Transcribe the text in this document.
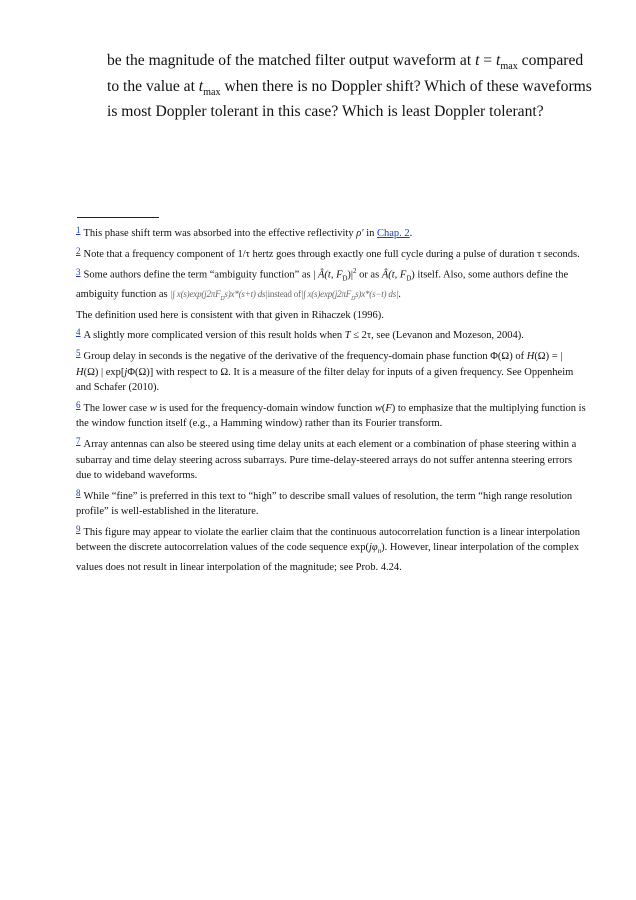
be the magnitude of the matched filter output waveform at $t = t_{max}$ compared to the value at $t_{max}$ when there is no Doppler shift? Which of these waveforms is most Doppler tolerant in this case? Which is least Doppler tolerant?
1 This phase shift term was absorbed into the effective reflectivity ρ′ in Chap. 2.
2 Note that a frequency component of 1/τ hertz goes through exactly one full cycle during a pulse of duration τ seconds.
3 Some authors define the term “ambiguity function” as | Â(t, $F_D)|^2$ or as Â(t, $F_D$) itself. Also, some authors define the ambiguity function as |∫ $x(s)\exp(j2\pi F_Ds)x*(s+t)$ ds|instead of|∫ $x(s)\exp(j2\pi F_Ds)x*(s-t)$ ds|.
The definition used here is consistent with that given in Rihaczek (1996).
4 A slightly more complicated version of this result holds when T ≤ 2τ, see (Levanon and Mozeson, 2004).
5 Group delay in seconds is the negative of the derivative of the frequency-domain phase function Φ(Ω) of H(Ω) = | H(Ω) | exp[jΦ(Ω)] with respect to Ω. It is a measure of the filter delay for inputs of a given frequency. See Oppenheim and Schafer (2010).
6 The lower case w is used for the frequency-domain window function w(F) to emphasize that the multiplying function is the window function itself (e.g., a Hamming window) rather than its Fourier transform.
7 Array antennas can also be steered using time delay units at each element or a combination of phase steering within a subarray and time delay steering across subarrays. Pure time-delay-steered arrays do not suffer antenna steering errors due to wideband waveforms.
8 While “fine” is preferred in this text to “high” to describe small values of resolution, the term “high range resolution profile” is well-established in the literature.
9 This figure may appear to violate the earlier claim that the continuous autocorrelation function is a linear interpolation between the discrete autocorrelation values of the code sequence $\exp(j\varphi_n)$. However, linear interpolation of the complex values does not result in linear interpolation of the magnitude; see Prob. 4.24.
